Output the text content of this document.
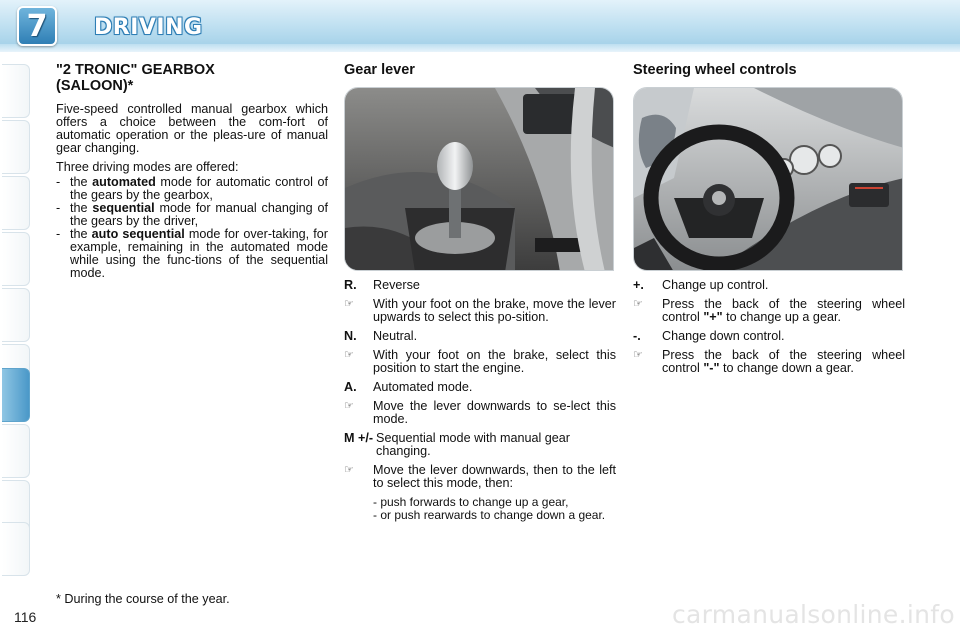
7 DRIVING
"2 TRONIC" GEARBOX
(SALOON)*

Five-speed controlled manual gearbox which offers a choice between the com-fort of automatic operation or the pleas-ure of manual gear changing.

Three driving modes are offered:

- the automated mode for automatic control of the gears by the gearbox,
- the sequential mode for manual changing of the gears by the driver,
- the auto sequential mode for over-taking, for example, remaining in the automated mode while using the func-tions of the sequential mode.
Gear lever
R.	Reverse
☞	With your foot on the brake, move the lever upwards to select this po-sition.
N.	Neutral.
☞	With your foot on the brake, select this position to start the engine.
A.	Automated mode.
☞	Move the lever downwards to se-lect this mode.
M +/- Sequential mode with manual gear changing.
☞	Move the lever downwards, then to the left to select this mode, then:
- push forwards to change up a gear,
- or push rearwards to change down a gear.
Steering wheel controls
+.	Change up control.
☞	Press the back of the steering wheel control "+" to change up a gear.
-.	Change down control.
☞	Press the back of the steering wheel control "-" to change down a gear.
* During the course of the year.
116	carmanualsonline.info
